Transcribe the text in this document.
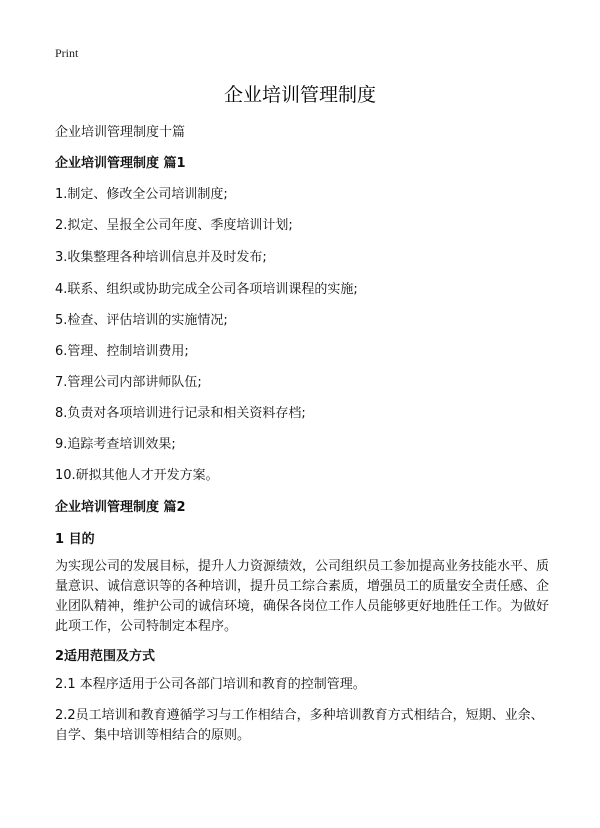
Print
企业培训管理制度
企业培训管理制度十篇
企业培训管理制度 篇1
1.制定、修改全公司培训制度;
2.拟定、呈报全公司年度、季度培训计划;
3.收集整理各种培训信息并及时发布;
4.联系、组织或协助完成全公司各项培训课程的实施;
5.检查、评估培训的实施情况;
6.管理、控制培训费用;
7.管理公司内部讲师队伍;
8.负责对各项培训进行记录和相关资料存档;
9.追踪考查培训效果;
10.研拟其他人才开发方案。
企业培训管理制度 篇2
1 目的
为实现公司的发展目标，提升人力资源绩效，公司组织员工参加提高业务技能水平、质量意识、诚信意识等的各种培训，提升员工综合素质，增强员工的质量安全责任感、企业团队精神，维护公司的诚信环境，确保各岗位工作人员能够更好地胜任工作。为做好此项工作，公司特制定本程序。
2适用范围及方式
2.1 本程序适用于公司各部门培训和教育的控制管理。
2.2员工培训和教育遵循学习与工作相结合，多种培训教育方式相结合，短期、业余、自学、集中培训等相结合的原则。
